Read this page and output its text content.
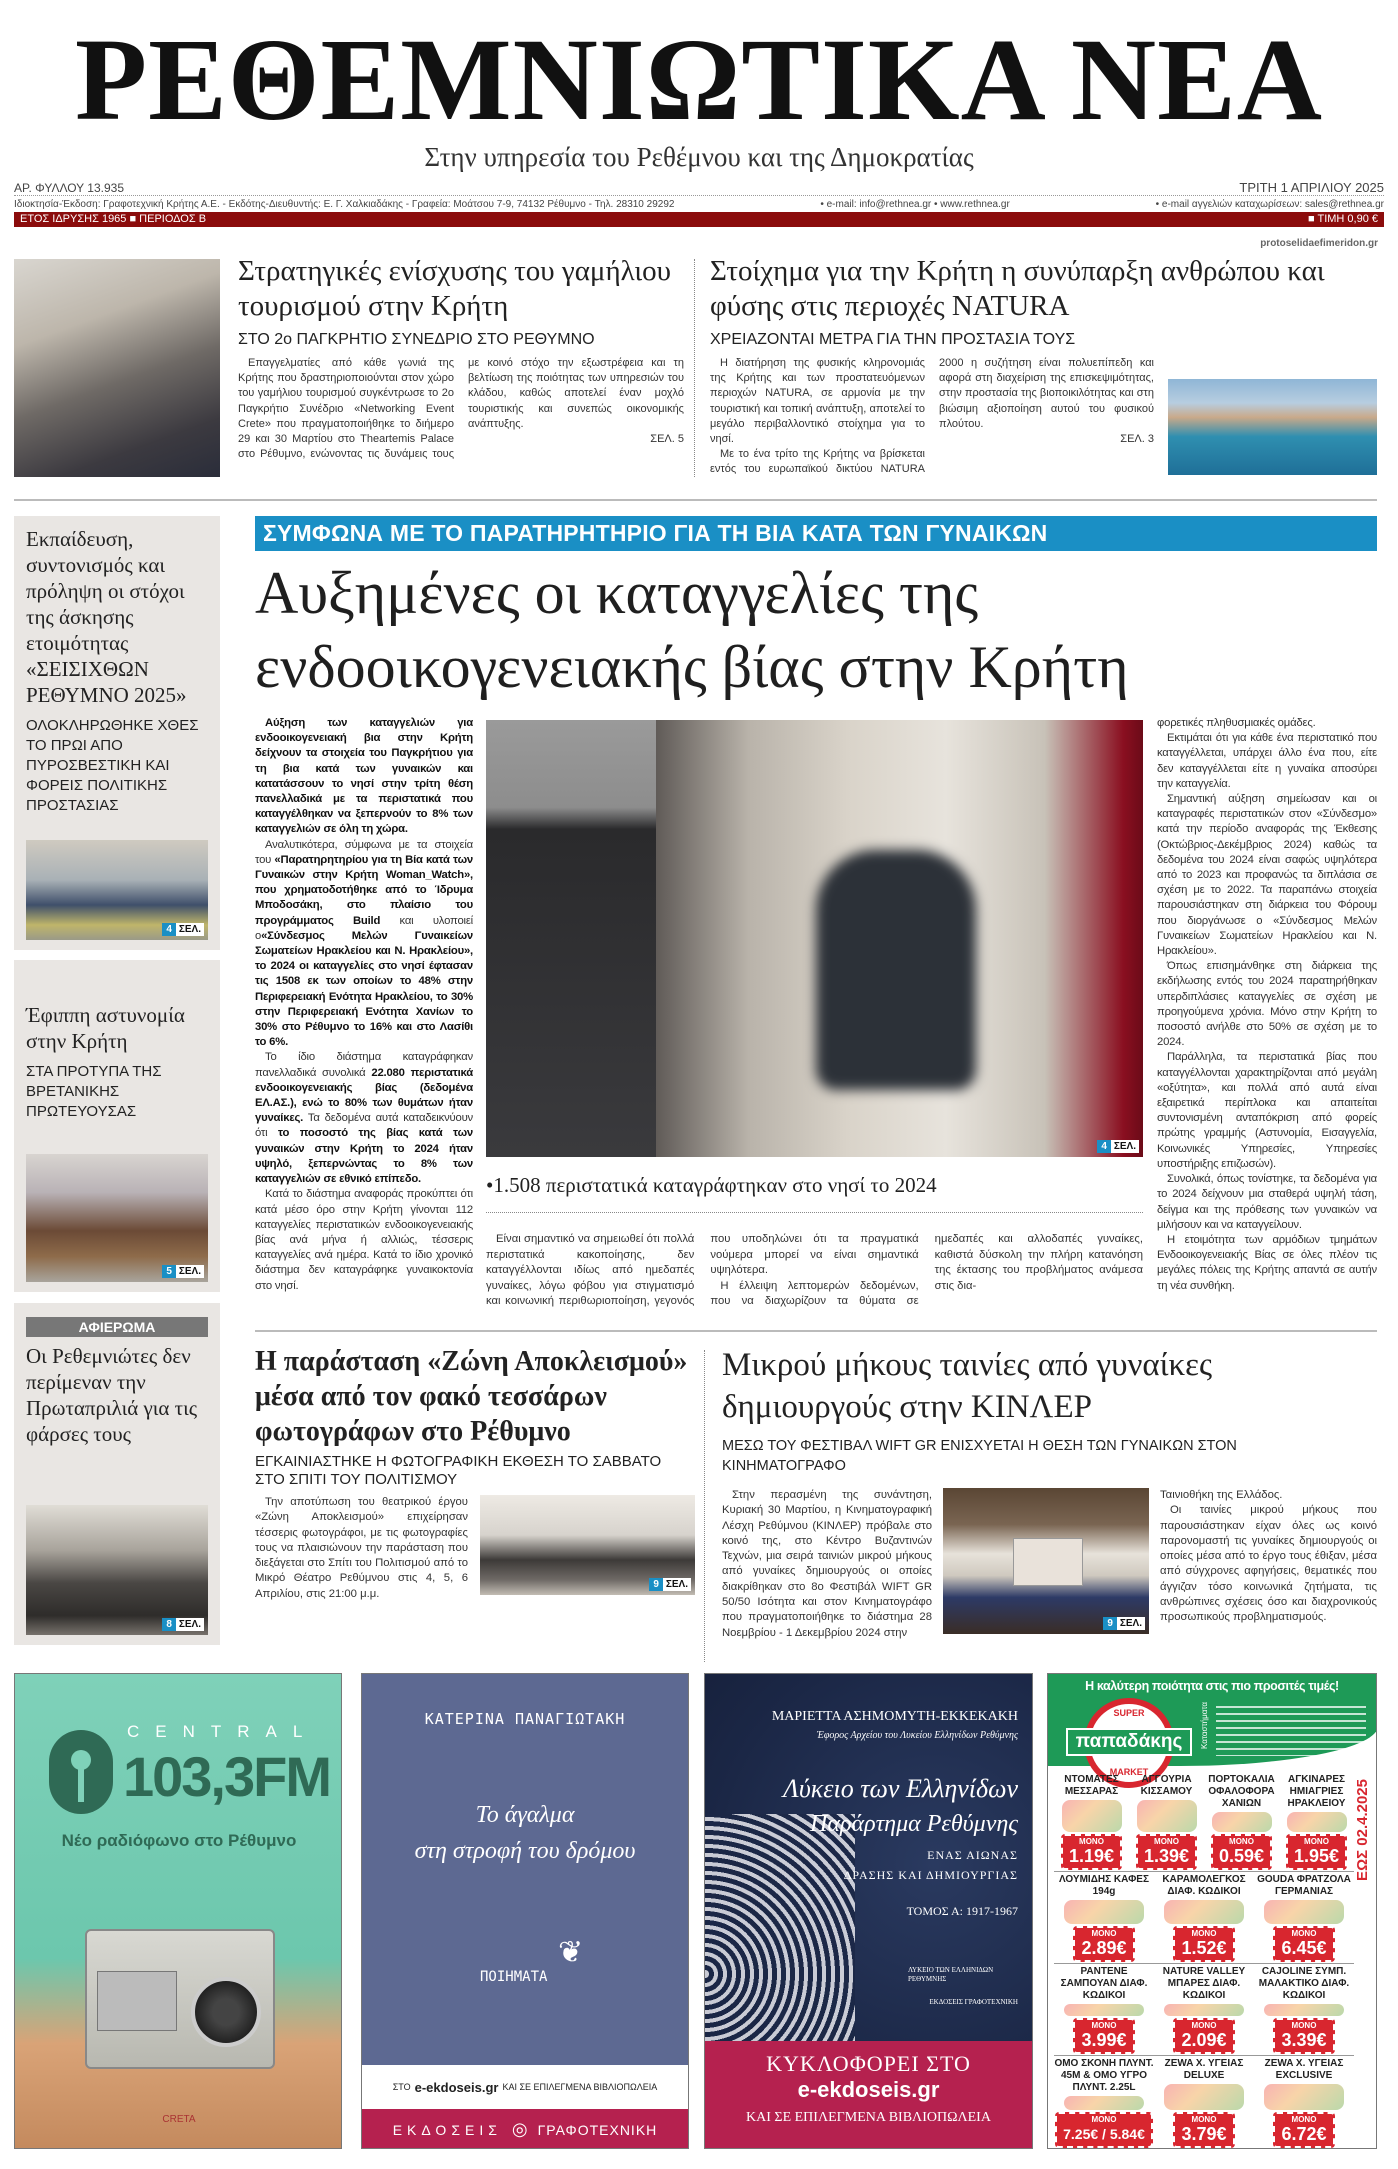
ΡΕΘΕΜΝΙΩΤΙΚΑ ΝΕΑ
Στην υπηρεσία του Ρεθέμνου και της Δημοκρατίας
ΑΡ. ΦΥΛΛΟΥ 13.935	ΤΡΙΤΗ 1 ΑΠΡΙΛΙΟΥ 2025
Ιδιοκτησία-Έκδοση: Γραφοτεχνική Κρήτης Α.Ε. - Εκδότης-Διευθυντής: Ε. Γ. Χαλκιαδάκης - Γραφεία: Μοάτσου 7-9, 74132 Ρέθυμνο - Τηλ. 28310 29292	• e-mail: info@rethnea.gr • www.rethnea.gr	• e-mail αγγελιών καταχωρίσεων: sales@rethnea.gr
ΕΤΟΣ ΙΔΡΥΣΗΣ 1965 ■ ΠΕΡΙΟΔΟΣ Β	■ ΤΙΜΗ 0,90 €
protoselidaefimeridon.gr
Στρατηγικές ενίσχυσης του γαμήλιου τουρισμού στην Κρήτη
ΣΤΟ 2ο ΠΑΓΚΡΗΤΙΟ ΣΥΝΕΔΡΙΟ ΣΤΟ ΡΕΘΥΜΝΟ

Επαγγελματίες από κάθε γωνιά της Κρήτης που δραστηριοποιούνται στον χώρο του γαμήλιου τουρισμού συγκέντρωσε το 2ο Παγκρήτιο Συνέδριο «Networking Event Crete» που πραγματοποιήθηκε το διήμερο 29 και 30 Μαρτίου στο Theartemis Palace στο Ρέθυμνο, ενώνοντας τις δυνάμεις τους με κοινό στόχο την εξωστρέφεια και τη βελτίωση της ποιότητας των υπηρεσιών του κλάδου, καθώς αποτελεί έναν μοχλό τουριστικής και συνεπώς οικονομικής ανάπτυξης.

ΣΕΛ. 5

Στοίχημα για την Κρήτη η συνύπαρξη ανθρώπου και φύσης στις περιοχές NATURA
ΧΡΕΙΑΖΟΝΤΑΙ ΜΕΤΡΑ ΓΙΑ ΤΗΝ ΠΡΟΣΤΑΣΙΑ ΤΟΥΣ

Η διατήρηση της φυσικής κληρονομιάς της Κρήτης και των προστατευόμενων περιοχών NATURA, σε αρμονία με την τουριστική και τοπική ανάπτυξη, αποτελεί το μεγάλο περιβαλλοντικό στοίχημα για το νησί.

Με το ένα τρίτο της Κρήτης να βρίσκεται εντός του ευρωπαϊκού δικτύου NATURA 2000 η συζήτηση είναι πολυεπίπεδη και αφορά στη διαχείριση της επισκεψιμότητας, στην προστασία της βιοποικιλότητας και στη βιώσιμη αξιοποίηση αυτού του φυσικού πλούτου.

ΣΕΛ. 3

Εκπαίδευση, συντονισμός και πρόληψη οι στόχοι της άσκησης ετοιμότητας «ΣΕΙΣΙΧΘΩΝ ΡΕΘΥΜΝΟ 2025»
ΟΛΟΚΛΗΡΩΘΗΚΕ ΧΘΕΣ ΤΟ ΠΡΩΙ ΑΠΟ ΠΥΡΟΣΒΕΣΤΙΚΗ ΚΑΙ ΦΟΡΕΙΣ ΠΟΛΙΤΙΚΗΣ ΠΡΟΣΤΑΣΙΑΣ
4 ΣΕΛ.
Έφιππη αστυνομία στην Κρήτη
ΣΤΑ ΠΡΟΤΥΠΑ ΤΗΣ ΒΡΕΤΑΝΙΚΗΣ ΠΡΩΤΕΥΟΥΣΑΣ
5 ΣΕΛ.
ΑΦΙΕΡΩΜΑ
Οι Ρεθεμνιώτες δεν περίμεναν την Πρωταπριλιά για τις φάρσες τους
8 ΣΕΛ.
ΣΥΜΦΩΝΑ ΜΕ ΤΟ ΠΑΡΑΤΗΡΗΤΗΡΙΟ ΓΙΑ ΤΗ ΒΙΑ ΚΑΤΑ ΤΩΝ ΓΥΝΑΙΚΩΝ
Αυξημένες οι καταγγελίες της ενδοοικογενειακής βίας στην Κρήτη

Αύξηση των καταγγελιών για ενδοοικογενειακή βια στην Κρήτη δείχνουν τα στοιχεία του Παγκρήτιου για τη βια κατά των γυναικών και κατατάσσουν το νησί στην τρίτη θέση πανελλαδικά με τα περιστατικά που καταγγέλθηκαν να ξεπερνούν το 8% των καταγγελιών σε όλη τη χώρα.

Αναλυτικότερα, σύμφωνα με τα στοιχεία του «Παρατηρητηρίου για τη Βία κατά των Γυναικών στην Κρήτη Woman_Watch», που χρηματοδοτήθηκε από το Ίδρυμα Μποδοσάκη, στο πλαίσιο του προγράμματος Build και υλοποιεί ο«Σύνδεσμος Μελών Γυναικείων Σωματείων Ηρακλείου και Ν. Ηρακλείου», το 2024 οι καταγγελίες στο νησί έφτασαν τις 1508 εκ των οποίων το 48% στην Περιφερειακή Ενότητα Ηρακλείου, το 30% στην Περιφερειακή Ενότητα Χανίων το 30% στο Ρέθυμνο το 16% και στο Λασίθι το 6%.

Το ίδιο διάστημα καταγράφηκαν πανελλαδικά συνολικά 22.080 περιστατικά ενδοοικογενειακής βίας (δεδομένα ΕΛ.ΑΣ.), ενώ το 80% των θυμάτων ήταν γυναίκες. Τα δεδομένα αυτά καταδεικνύουν ότι το ποσοστό της βίας κατά των γυναικών στην Κρήτη το 2024 ήταν υψηλό, ξεπερνώντας το 8% των καταγγελιών σε εθνικό επίπεδο.

Κατά το διάστημα αναφοράς προκύπτει ότι κατά μέσο όρο στην Κρήτη γίνονται 112 καταγγελίες περιστατικών ενδοοικογενειακής βίας ανά μήνα ή αλλιώς, τέσσερις καταγγελίες ανά ημέρα. Κατά το ίδιο χρονικό διάστημα δεν καταγράφηκε γυναικοκτονία στο νησί.

4 ΣΕΛ.
•1.508 περιστατικά καταγράφτηκαν στο νησί το 2024

Είναι σημαντικό να σημειωθεί ότι πολλά περιστατικά κακοποίησης, δεν καταγγέλλονται ιδίως από ημεδαπές γυναίκες, λόγω φόβου για στιγματισμό και κοινωνική περιθωριοποίηση, γεγονός που υποδηλώνει ότι τα πραγματικά νούμερα μπορεί να είναι σημαντικά υψηλότερα.

Η έλλειψη λεπτομερών δεδομένων, που να διαχωρίζουν τα θύματα σε ημεδαπές και αλλοδαπές γυναίκες, καθιστά δύσκολη την πλήρη κατανόηση της έκτασης του προβλήματος ανάμεσα στις δια-

φορετικές πληθυσμιακές ομάδες.

Εκτιμάται ότι για κάθε ένα περιστατικό που καταγγέλλεται, υπάρχει άλλο ένα που, είτε δεν καταγγέλλεται είτε η γυναίκα αποσύρει την καταγγελία.

Σημαντική αύξηση σημείωσαν και οι καταγραφές περιστατικών στον «Σύνδεσμο» κατά την περίοδο αναφοράς της Έκθεσης (Οκτώβριος-Δεκέμβριος 2024) καθώς τα δεδομένα του 2024 είναι σαφώς υψηλότερα από το 2023 και προφανώς τα διπλάσια σε σχέση με το 2022. Τα παραπάνω στοιχεία παρουσιάστηκαν στη διάρκεια του Φόρουμ που διοργάνωσε ο «Σύνδεσμος Μελών Γυναικείων Σωματείων Ηρακλείου και Ν. Ηρακλείου».

Όπως επισημάνθηκε στη διάρκεια της εκδήλωσης εντός του 2024 παρατηρήθηκαν υπερδιπλάσιες καταγγελίες σε σχέση με προηγούμενα χρόνια. Μόνο στην Κρήτη το ποσοστό ανήλθε στο 50% σε σχέση με το 2024.

Παράλληλα, τα περιστατικά βίας που καταγγέλλονται χαρακτηρίζονται από μεγάλη «οξύτητα», και πολλά από αυτά είναι εξαιρετικά περίπλοκα και απαιτείται συντονισμένη ανταπόκριση από φορείς πρώτης γραμμής (Αστυνομία, Εισαγγελία, Κοινωνικές Υπηρεσίες, Υπηρεσίες υποστήριξης επιζωσών).

Συνολικά, όπως τονίστηκε, τα δεδομένα για το 2024 δείχνουν μια σταθερά υψηλή τάση, δείγμα και της πρόθεσης των γυναικών να μιλήσουν και να καταγγείλουν.

Η ετοιμότητα των αρμόδιων τμημάτων Ενδοοικογενειακής Βίας σε όλες πλέον τις μεγάλες πόλεις της Κρήτης απαντά σε αυτήν τη νέα συνθήκη.

Η παράσταση «Ζώνη Αποκλεισμού» μέσα από τον φακό τεσσάρων φωτογράφων στο Ρέθυμνο
ΕΓΚΑΙΝΙΑΣΤΗΚΕ Η ΦΩΤΟΓΡΑΦΙΚΗ ΕΚΘΕΣΗ ΤΟ ΣΑΒΒΑΤΟ ΣΤΟ ΣΠΙΤΙ ΤΟΥ ΠΟΛΙΤΙΣΜΟΥ

Την αποτύπωση του θεατρικού έργου «Ζώνη Αποκλεισμού» επιχείρησαν τέσσερις φωτογράφοι, με τις φωτογραφίες τους να πλαισιώνουν την παράσταση που διεξάγεται στο Σπίτι του Πολιτισμού από το Μικρό Θέατρο Ρεθύμνου στις 4, 5, 6 Απριλίου, στις 21:00 μ.μ.

9 ΣΕΛ.
Μικρού μήκους ταινίες από γυναίκες δημιουργούς στην ΚΙΝΛΕΡ
ΜΕΣΩ ΤΟΥ ΦΕΣΤΙΒΑΛ WIFT GR ΕΝΙΣΧΥΕΤΑΙ Η ΘΕΣΗ ΤΩΝ ΓΥΝΑΙΚΩΝ ΣΤΟΝ ΚΙΝΗΜΑΤΟΓΡΑΦΟ

Στην περασμένη της συνάντηση, Κυριακή 30 Μαρτίου, η Κινηματογραφική Λέσχη Ρεθύμνου (ΚΙΝΛΕΡ) πρόβαλε στο κοινό της, στο Κέντρο Βυζαντινών Τεχνών, μια σειρά ταινιών μικρού μήκους από γυναίκες δημιουργούς οι οποίες διακρίθηκαν στο 8ο Φεστιβάλ WIFT GR 50/50 Ισότητα και στον Κινηματογράφο που πραγματοποιήθηκε το διάστημα 28 Νοεμβρίου - 1 Δεκεμβρίου 2024 στην

9 ΣΕΛ.

Ταινιοθήκη της Ελλάδος.

Οι ταινίες μικρού μήκους που παρουσιάστηκαν είχαν όλες ως κοινό παρονομαστή τις γυναίκες δημιουργούς οι οποίες μέσα από το έργο τους έθιξαν, μέσα από σύγχρονες αφηγήσεις, θεματικές που άγγιζαν τόσο κοινωνικά ζητήματα, τις ανθρώπινες σχέσεις όσο και διαχρονικούς προσωπικούς προβληματισμούς.

CENTRAL
103,3FM
Νέο ραδιόφωνο στο Ρέθυμνο
CRETA
ΚΑΤΕΡΙΝΑ ΠΑΝΑΓΙΩΤΑΚΗ
Το άγαλμα
στη στροφή του δρόμου
ΠΟΙΗΜΑΤΑ
❦
ΣΤΟ e-ekdoseis.gr ΚΑΙ ΣΕ ΕΠΙΛΕΓΜΕΝΑ ΒΙΒΛΙΟΠΩΛΕΙΑ
ΕΚΔΟΣΕΙΣ ◎ ΓΡΑΦΟΤΕΧΝΙΚΗ
ΜΑΡΙΕΤΤΑ ΑΣΗΜΟΜΥΤΗ-ΕΚΚΕΚΑΚΗ
Έφορος Αρχείου του Λυκείου Ελληνίδων Ρεθύμνης
Λύκειο των Ελληνίδων
Παράρτημα Ρεθύμνης
ΕΝΑΣ ΑΙΩΝΑΣ
ΔΡΑΣΗΣ ΚΑΙ ΔΗΜΙΟΥΡΓΙΑΣ
ΤΟΜΟΣ Α: 1917-1967
ΛΥΚΕΙΟ ΤΩΝ ΕΛΛΗΝΙΔΩΝ ΡΕΘΥΜΝΗΣ
ΕΚΔΟΣΕΙΣ ΓΡΑΦΟΤΕΧΝΙΚΗ
ΚΥΚΛΟΦΟΡΕΙ ΣΤΟ
e-ekdoseis.gr
ΚΑΙ ΣΕ ΕΠΙΛΕΓΜΕΝΑ ΒΙΒΛΙΟΠΩΛΕΙΑ
Η καλύτερη ποιότητα στις πιο προσιτές τιμές!
SUPER
παπαδάκης
MARKET
Καταστήματα
ΕΩΣ 02.4.2025
ΝΤΟΜΑΤΕΣ ΜΕΣΣΑΡΑΣ
ΜΟΝΟ
1.19€
ΑΓΓΟΥΡΙΑ ΚΙΣΣΑΜΟΥ
ΜΟΝΟ
1.39€
ΠΟΡΤΟΚΑΛΙΑ ΟΦΑΛΟΦΟΡΑ ΧΑΝΙΩΝ
ΜΟΝΟ
0.59€
ΑΓΚΙΝΑΡΕΣ ΗΜΙΑΓΡΙΕΣ ΗΡΑΚΛΕΙΟΥ
ΜΟΝΟ
1.95€
ΛΟΥΜΙΔΗΣ ΚΑΦΕΣ 194g
ΜΟΝΟ
2.89€
ΚΑΡΑΜΟΛΕΓΚΟΣ ΔΙΑΦ. ΚΩΔΙΚΟΙ
ΜΟΝΟ
1.52€
GOUDA ΦΡΑΤΖΟΛΑ ΓΕΡΜΑΝΙΑΣ
ΜΟΝΟ
6.45€
PANTENE ΣΑΜΠΟΥΑΝ ΔΙΑΦ. ΚΩΔΙΚΟΙ
ΜΟΝΟ
3.99€
NATURE VALLEY ΜΠΑΡΕΣ ΔΙΑΦ. ΚΩΔΙΚΟΙ
ΜΟΝΟ
2.09€
CAJOLINE ΣΥΜΠ. ΜΑΛΑΚΤΙΚΟ ΔΙΑΦ. ΚΩΔΙΚΟΙ
ΜΟΝΟ
3.39€
OMO ΣΚΟΝΗ ΠΛΥΝΤ. 45Μ & OMO ΥΓΡΟ ΠΛΥΝΤ. 2.25L
ΜΟΝΟ
7.25€ / 5.84€
ZEWA Χ. ΥΓΕΙΑΣ DELUXE
ΜΟΝΟ
3.79€
ZEWA Χ. ΥΓΕΙΑΣ EXCLUSIVE
ΜΟΝΟ
6.72€
